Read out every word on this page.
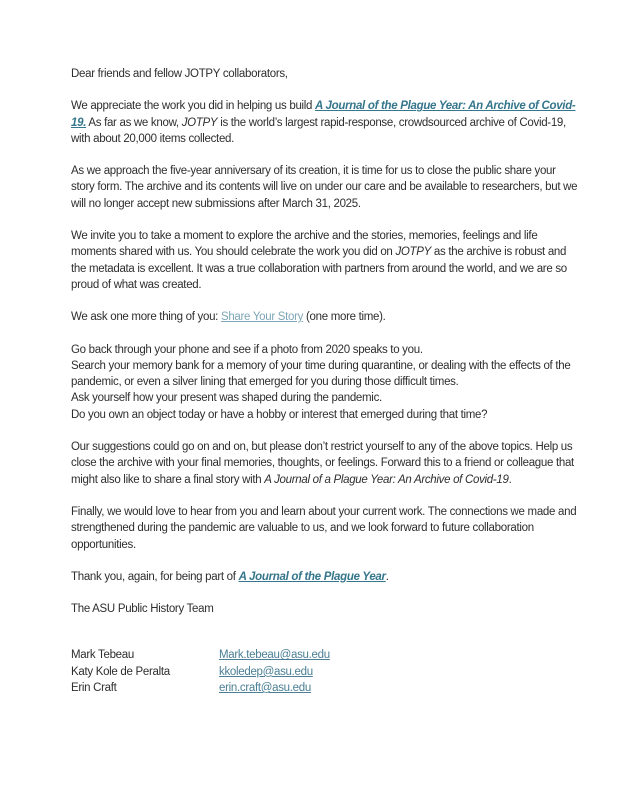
Dear friends and fellow JOTPY collaborators,

We appreciate the work you did in helping us build A Journal of the Plague Year: An Archive of Covid-19. As far as we know, JOTPY is the world’s largest rapid-response, crowdsourced archive of Covid-19, with about 20,000 items collected.

As we approach the five-year anniversary of its creation, it is time for us to close the public share your story form. The archive and its contents will live on under our care and be available to researchers, but we will no longer accept new submissions after March 31, 2025.

We invite you to take a moment to explore the archive and the stories, memories, feelings and life moments shared with us. You should celebrate the work you did on JOTPY as the archive is robust and the metadata is excellent. It was a true collaboration with partners from around the world, and we are so proud of what was created.

We ask one more thing of you: Share Your Story (one more time).

Go back through your phone and see if a photo from 2020 speaks to you.

Search your memory bank for a memory of your time during quarantine, or dealing with the effects of the pandemic, or even a silver lining that emerged for you during those difficult times.

Ask yourself how your present was shaped during the pandemic.

Do you own an object today or have a hobby or interest that emerged during that time?

Our suggestions could go on and on, but please don’t restrict yourself to any of the above topics. Help us close the archive with your final memories, thoughts, or feelings. Forward this to a friend or colleague that might also like to share a final story with A Journal of a Plague Year: An Archive of Covid-19.

Finally, we would love to hear from you and learn about your current work. The connections we made and strengthened during the pandemic are valuable to us, and we look forward to future collaboration opportunities.

Thank you, again, for being part of A Journal of the Plague Year.

The ASU Public History Team

Mark Tebeau	Mark.tebeau@asu.edu
Katy Kole de Peralta	kkoledep@asu.edu
Erin Craft	erin.craft@asu.edu
